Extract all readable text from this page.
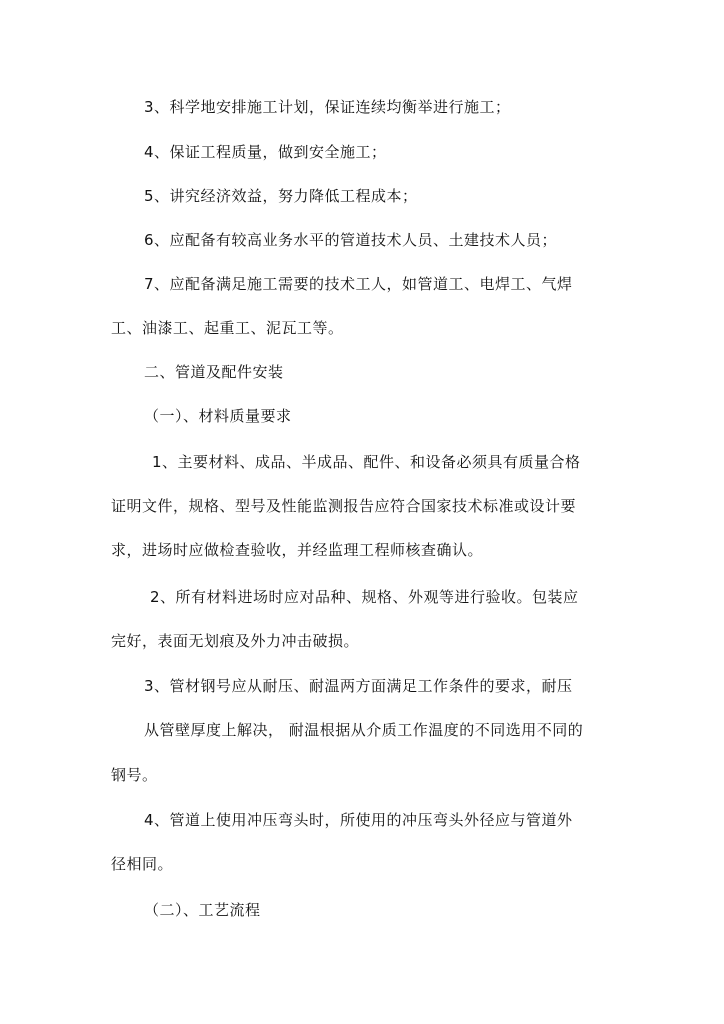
3、科学地安排施工计划，保证连续均衡举进行施工；
4、保证工程质量，做到安全施工；
5、讲究经济效益，努力降低工程成本；
6、应配备有较高业务水平的管道技术人员、土建技术人员；
7、应配备满足施工需要的技术工人，如管道工、电焊工、气焊
工、油漆工、起重工、泥瓦工等。
二、管道及配件安装
（一）、材料质量要求
1、主要材料、成品、半成品、配件、和设备必须具有质量合格
证明文件，规格、型号及性能监测报告应符合国家技术标准或设计要
求，进场时应做检查验收，并经监理工程师核查确认。
2、所有材料进场时应对品种、规格、外观等进行验收。包装应
完好，表面无划痕及外力冲击破损。
3、管材钢号应从耐压、耐温两方面满足工作条件的要求，耐压
从管壁厚度上解决， 耐温根据从介质工作温度的不同选用不同的
钢号。
4、管道上使用冲压弯头时，所使用的冲压弯头外径应与管道外
径相同。
（二）、工艺流程
